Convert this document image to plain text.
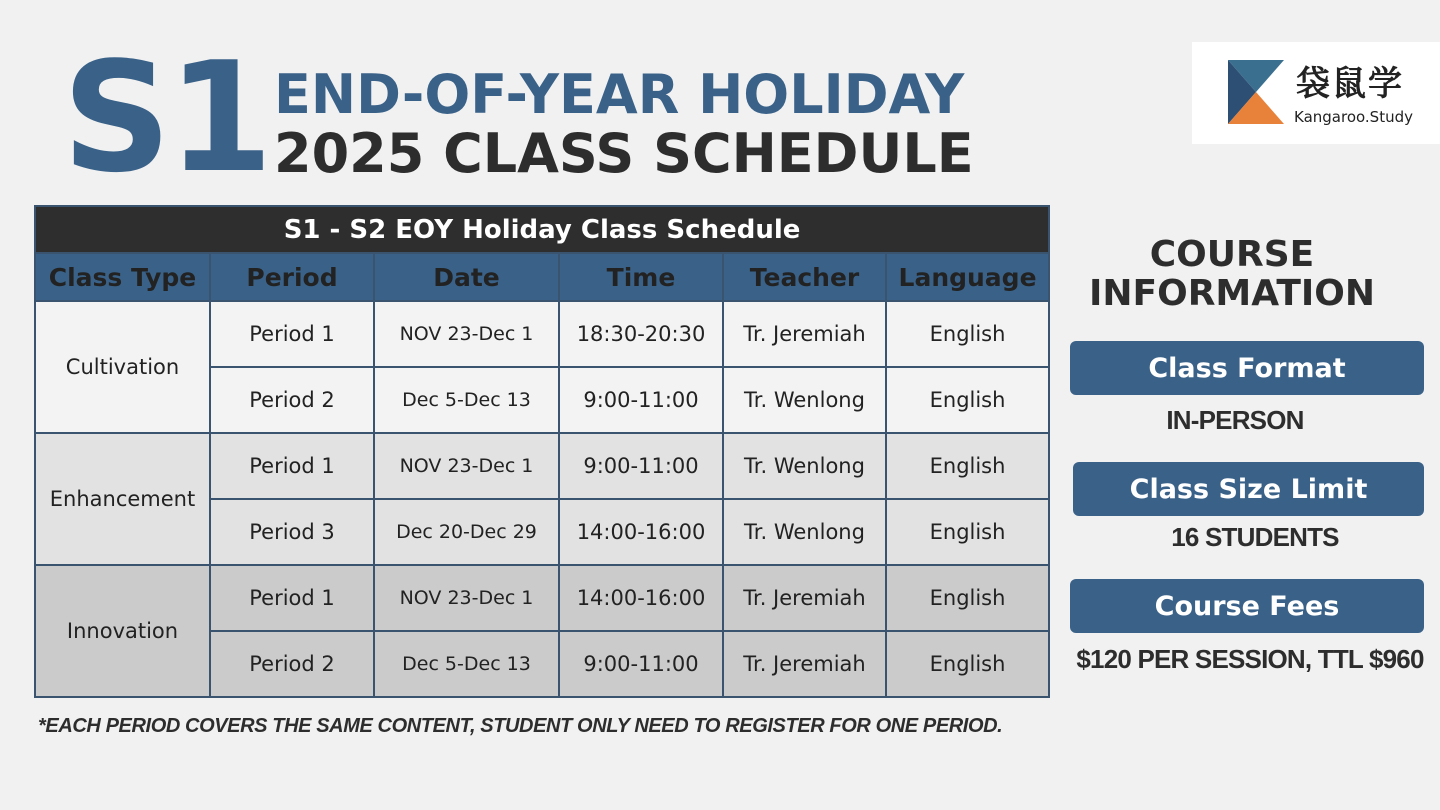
S1 END-OF-YEAR HOLIDAY
2025 CLASS SCHEDULE
袋鼠学
Kangaroo.Study
S1 - S2 EOY Holiday Class Schedule					
Class Type	Period	Date	Time	Teacher	Language
Cultivation	Period 1	NOV 23-Dec 1	18:30-20:30	Tr. Jeremiah	English
	Period 2	Dec 5-Dec 13	9:00-11:00	Tr. Wenlong	English
Enhancement	Period 1	NOV 23-Dec 1	9:00-11:00	Tr. Wenlong	English
	Period 3	Dec 20-Dec 29	14:00-16:00	Tr. Wenlong	English
Innovation	Period 1	NOV 23-Dec 1	14:00-16:00	Tr. Jeremiah	English
	Period 2	Dec 5-Dec 13	9:00-11:00	Tr. Jeremiah	English
*EACH PERIOD COVERS THE SAME CONTENT, STUDENT ONLY NEED TO REGISTER FOR ONE PERIOD.
COURSE
INFORMATION
Class Format
IN-PERSON
Class Size Limit
16 STUDENTS
Course Fees
$120 PER SESSION, TTL $960
